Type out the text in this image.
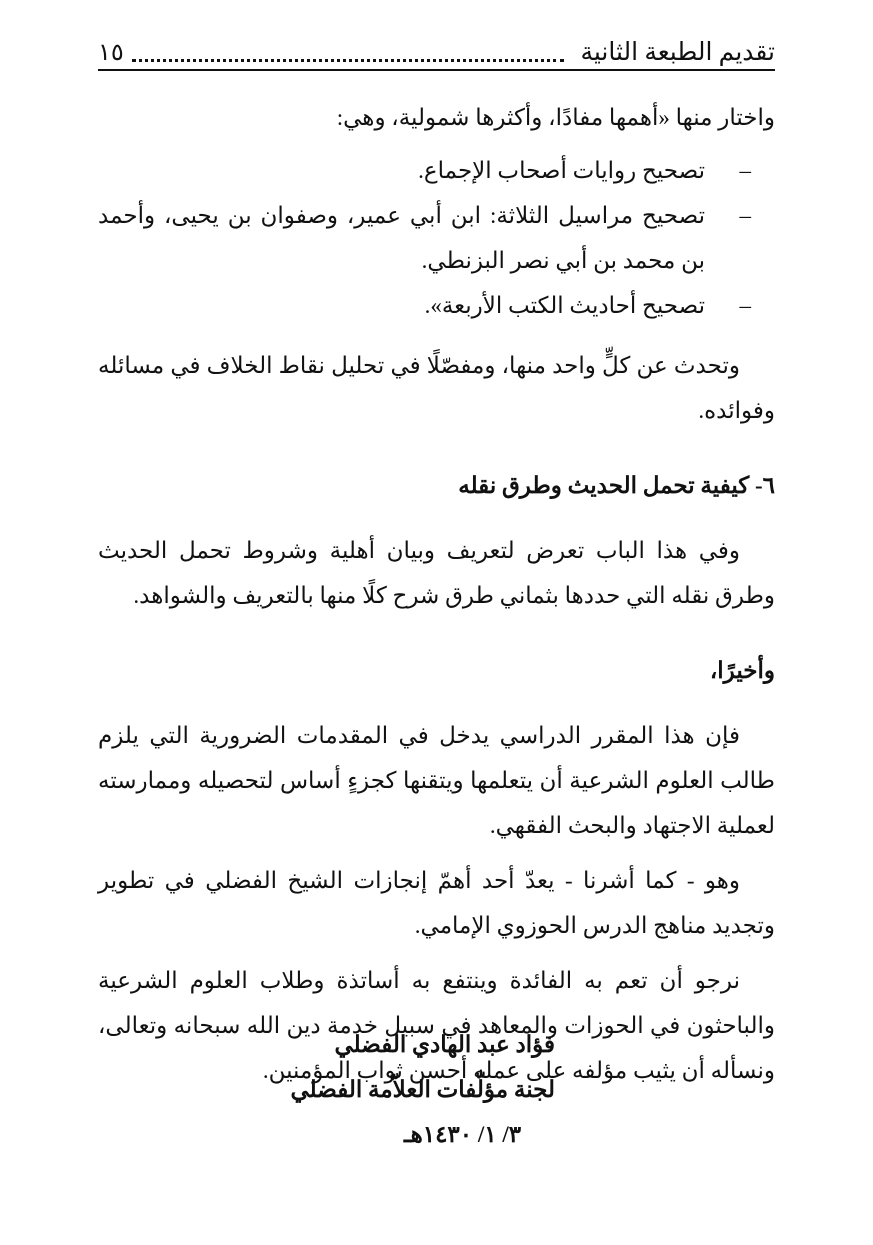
تقديم الطبعة الثانية
١٥

واختار منها «أهمها مفادًا، وأكثرها شمولية، وهي:

– تصحيح روايات أصحاب الإجماع.
– تصحيح مراسيل الثلاثة: ابن أبي عمير، وصفوان بن يحيى، وأحمد بن محمد بن أبي نصر البزنطي.
– تصحيح أحاديث الكتب الأربعة».

وتحدث عن كلٍّ واحد منها، ومفصّلًا في تحليل نقاط الخلاف في مسائله وفوائده.

٦- كيفية تحمل الحديث وطرق نقله

وفي هذا الباب تعرض لتعريف وبيان أهلية وشروط تحمل الحديث وطرق نقله التي حددها بثماني طرق شرح كلًا منها بالتعريف والشواهد.

وأخيرًا،

فإن هذا المقرر الدراسي يدخل في المقدمات الضرورية التي يلزم طالب العلوم الشرعية أن يتعلمها ويتقنها كجزءٍ أساس لتحصيله وممارسته لعملية الاجتهاد والبحث الفقهي.

وهو - كما أشرنا - يعدّ أحد أهمّ إنجازات الشيخ الفضلي في تطوير وتجديد مناهج الدرس الحوزوي الإمامي.

نرجو أن تعم به الفائدة وينتفع به أساتذة وطلاب العلوم الشرعية والباحثون في الحوزات والمعاهد في سبيل خدمة دين الله سبحانه وتعالى، ونسأله أن يثيب مؤلفه على عمله أحسن ثواب المؤمنين.

فؤاد عبد الهادي الفضلي
لجنة مؤلّفات العلاّمة الفضلي
٣/ ١/ ١٤٣٠هـ
